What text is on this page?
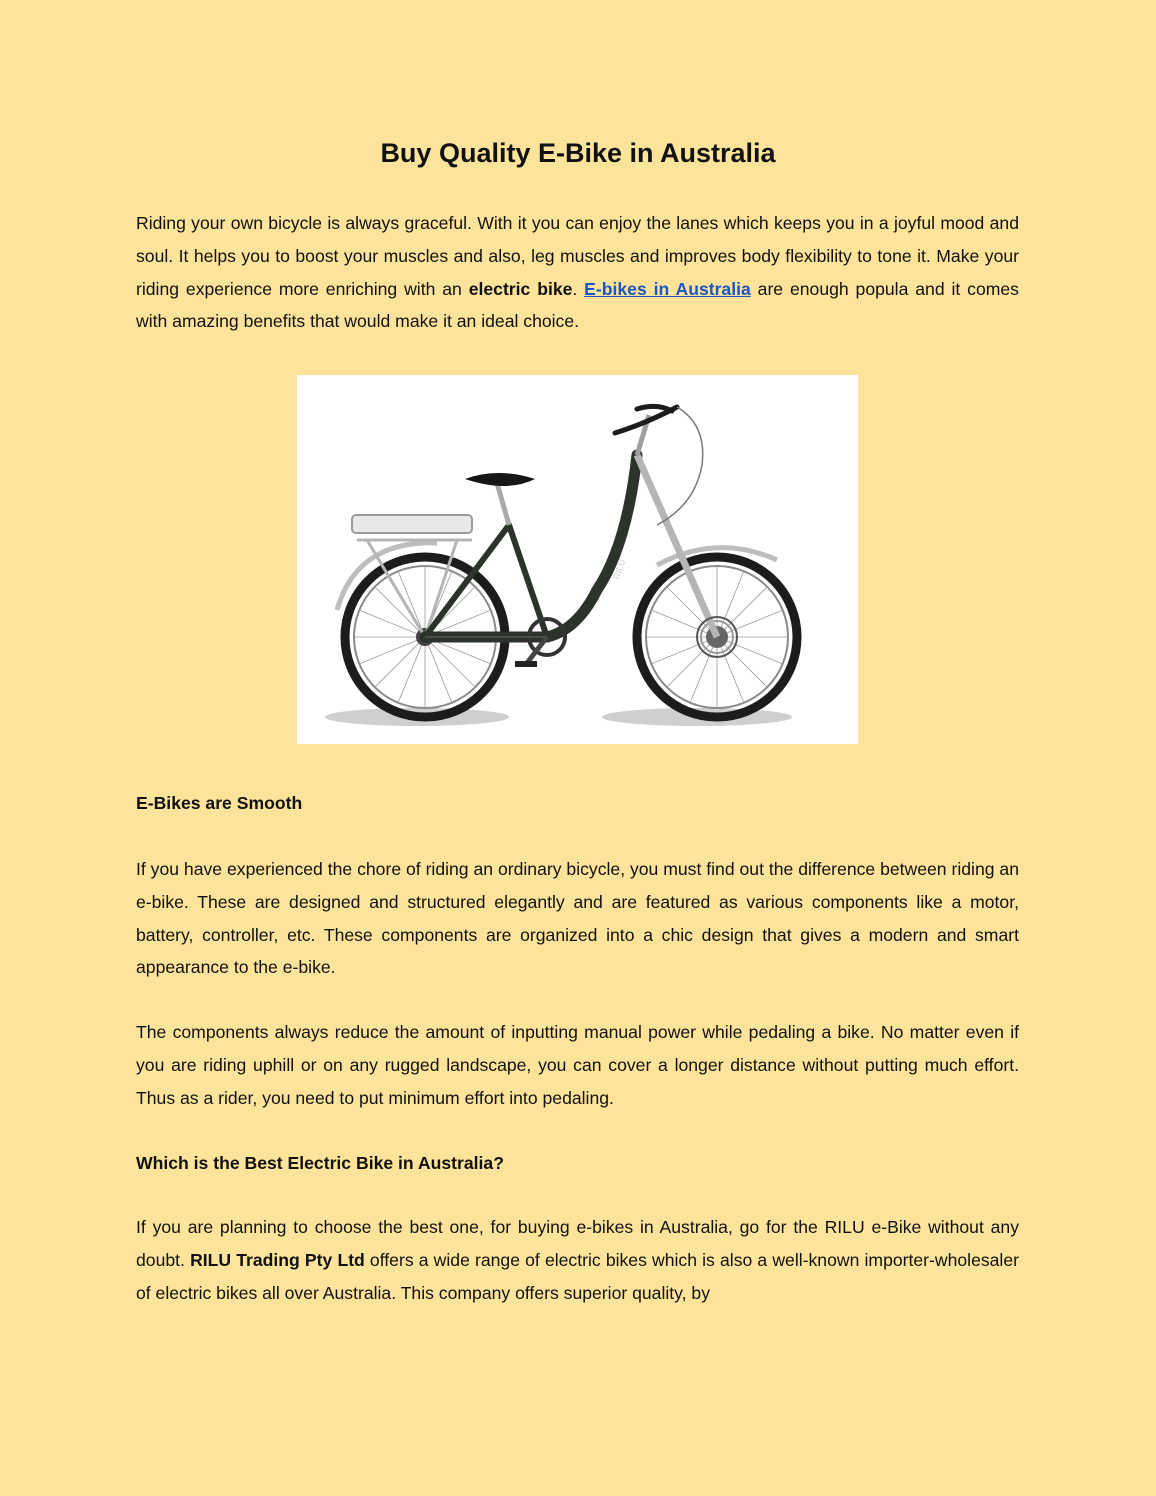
Buy Quality E-Bike in Australia

Riding your own bicycle is always graceful. With it you can enjoy the lanes which keeps you in a joyful mood and soul. It helps you to boost your muscles and also, leg muscles and improves body flexibility to tone it. Make your riding experience more enriching with an electric bike. E-bikes in Australia are enough popula and it comes with amazing benefits that would make it an ideal choice.

RILU
E-Bikes are Smooth

If you have experienced the chore of riding an ordinary bicycle, you must find out the difference between riding an e-bike. These are designed and structured elegantly and are featured as various components like a motor, battery, controller, etc. These components are organized into a chic design that gives a modern and smart appearance to the e-bike.

The components always reduce the amount of inputting manual power while pedaling a bike. No matter even if you are riding uphill or on any rugged landscape, you can cover a longer distance without putting much effort. Thus as a rider, you need to put minimum effort into pedaling.

Which is the Best Electric Bike in Australia?

If you are planning to choose the best one, for buying e-bikes in Australia, go for the RILU e-Bike without any doubt. RILU Trading Pty Ltd offers a wide range of electric bikes which is also a well-known importer-wholesaler of electric bikes all over Australia. This company offers superior quality, by
